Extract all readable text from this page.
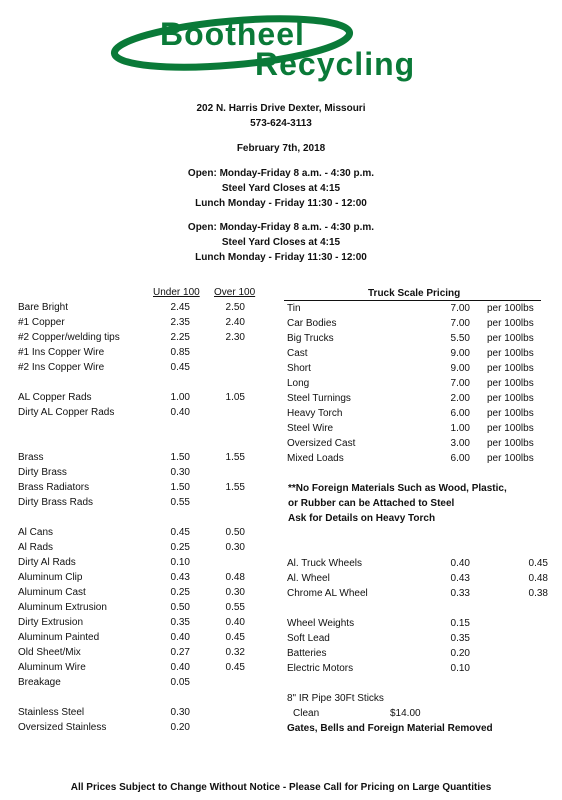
Bootheel
Recycling
202 N. Harris Drive Dexter, Missouri
573-624-3113
February 7th, 2018
Open: Monday-Friday 8 a.m. - 4:30 p.m.
Steel Yard Closes at 4:15
Lunch Monday - Friday 11:30 - 12:00
Open: Monday-Friday 8 a.m. - 4:30 p.m.
Steel Yard Closes at 4:15
Lunch Monday - Friday 11:30 - 12:00
Under 100 Over 100
Bare Bright	2.45	2.50
#1 Copper	2.35	2.40
#2 Copper/welding tips	2.25	2.30
#1 Ins Copper Wire	0.85
#2 Ins Copper Wire	0.45
AL Copper Rads	1.00	1.05
Dirty AL Copper Rads	0.40
Brass	1.50	1.55
Dirty Brass	0.30
Brass Radiators	1.50	1.55
Dirty Brass Rads	0.55
Al Cans	0.45	0.50
Al Rads	0.25	0.30
Dirty Al Rads	0.10
Aluminum Clip	0.43	0.48
Aluminum Cast	0.25	0.30
Aluminum Extrusion	0.50	0.55
Dirty Extrusion	0.35	0.40
Aluminum Painted	0.40	0.45
Old Sheet/Mix	0.27	0.32
Aluminum Wire	0.40	0.45
Breakage	0.05
Stainless Steel	0.30
Oversized Stainless	0.20
Truck Scale Pricing
Tin	7.00 per 100lbs
Car Bodies	7.00 per 100lbs
Big Trucks	5.50 per 100lbs
Cast	9.00 per 100lbs
Short	9.00 per 100lbs
Long	7.00 per 100lbs
Steel Turnings	2.00 per 100lbs
Heavy Torch	6.00 per 100lbs
Steel Wire	1.00 per 100lbs
Oversized Cast	3.00 per 100lbs
Mixed Loads	6.00 per 100lbs
**No Foreign Materials Such as Wood, Plastic,
or Rubber can be Attached to Steel
Ask for Details on Heavy Torch
Al. Truck Wheels	0.40	0.45
Al. Wheel	0.43	0.48
Chrome AL Wheel	0.33	0.38
Wheel Weights	0.15
Soft Lead	0.35
Batteries	0.20
Electric Motors	0.10
8" IR Pipe 30Ft Sticks
Clean	$14.00
Gates, Bells and Foreign Material Removed
All Prices Subject to Change Without Notice - Please Call for Pricing on Large Quantities
